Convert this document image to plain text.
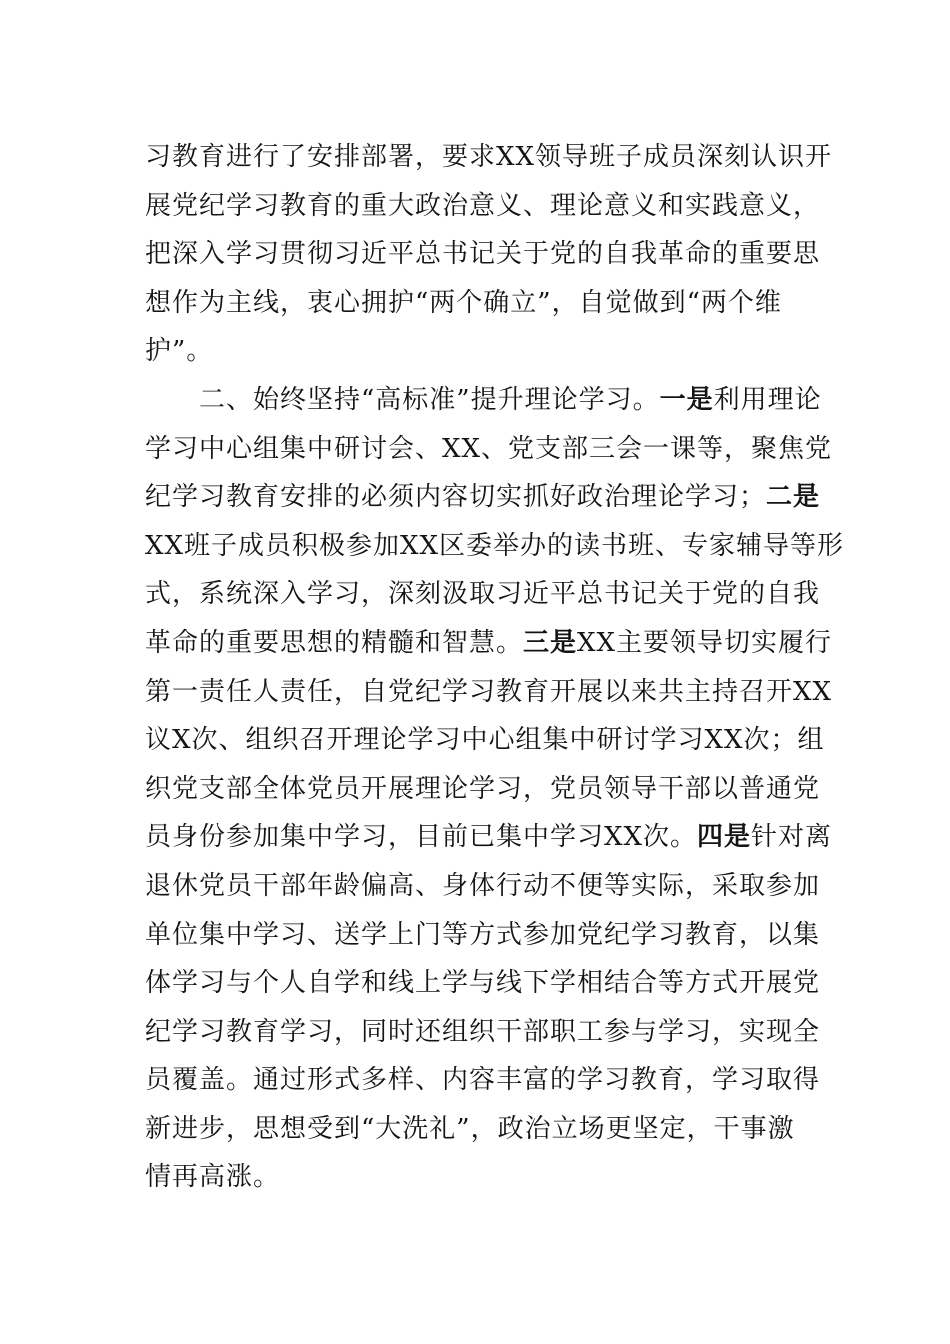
习教育进行了安排部署，要求XX领导班子成员深刻认识开
展党纪学习教育的重大政治意义、理论意义和实践意义，
把深入学习贯彻习近平总书记关于党的自我革命的重要思
想作为主线，衷心拥护“两个确立”，自觉做到“两个维
护”。
　　二、始终坚持“高标准”提升理论学习。一是利用理论
学习中心组集中研讨会、XX、党支部三会一课等，聚焦党
纪学习教育安排的必须内容切实抓好政治理论学习；二是
XX班子成员积极参加XX区委举办的读书班、专家辅导等形
式，系统深入学习，深刻汲取习近平总书记关于党的自我
革命的重要思想的精髓和智慧。三是XX主要领导切实履行
第一责任人责任，自党纪学习教育开展以来共主持召开XX
议X次、组织召开理论学习中心组集中研讨学习XX次；组
织党支部全体党员开展理论学习，党员领导干部以普通党
员身份参加集中学习，目前已集中学习XX次。四是针对离
退休党员干部年龄偏高、身体行动不便等实际，采取参加
单位集中学习、送学上门等方式参加党纪学习教育，以集
体学习与个人自学和线上学与线下学相结合等方式开展党
纪学习教育学习，同时还组织干部职工参与学习，实现全
员覆盖。通过形式多样、内容丰富的学习教育，学习取得
新进步，思想受到“大洗礼”，政治立场更坚定，干事激
情再高涨。
